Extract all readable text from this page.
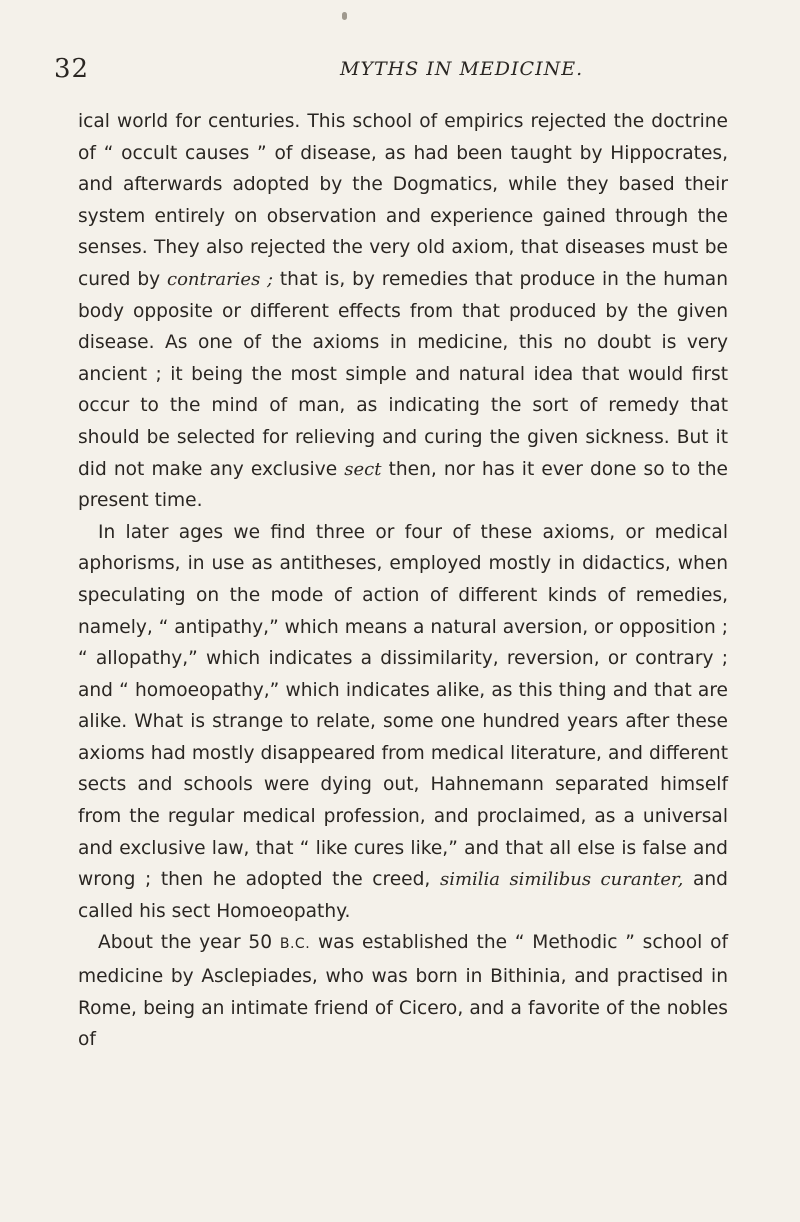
32	MYTHS IN MEDICINE.

ical world for centuries. This school of empirics rejected the doctrine of “ occult causes ” of disease, as had been taught by Hippocrates, and afterwards adopted by the Dogmatics, while they based their system entirely on observation and experience gained through the senses. They also rejected the very old axiom, that diseases must be cured by contraries ; that is, by remedies that produce in the human body opposite or different effects from that produced by the given disease. As one of the axioms in medicine, this no doubt is very ancient ; it being the most simple and natural idea that would first occur to the mind of man, as indicating the sort of remedy that should be selected for relieving and curing the given sickness. But it did not make any exclusive sect then, nor has it ever done so to the present time.

In later ages we find three or four of these axioms, or medical aphorisms, in use as antitheses, employed mostly in didactics, when speculating on the mode of action of different kinds of remedies, namely, “ antipathy,” which means a natural aversion, or opposition ; “ allopathy,” which indicates a dissimilarity, reversion, or contrary ; and “ homoeopathy,” which indicates alike, as this thing and that are alike. What is strange to relate, some one hundred years after these axioms had mostly disappeared from medical literature, and different sects and schools were dying out, Hahnemann separated himself from the regular medical profession, and proclaimed, as a universal and exclusive law, that “ like cures like,” and that all else is false and wrong ; then he adopted the creed, similia similibus curanter, and called his sect Homoeopathy.

About the year 50 B.C. was established the “ Methodic ” school of medicine by Asclepiades, who was born in Bithinia, and practised in Rome, being an intimate friend of Cicero, and a favorite of the nobles of
